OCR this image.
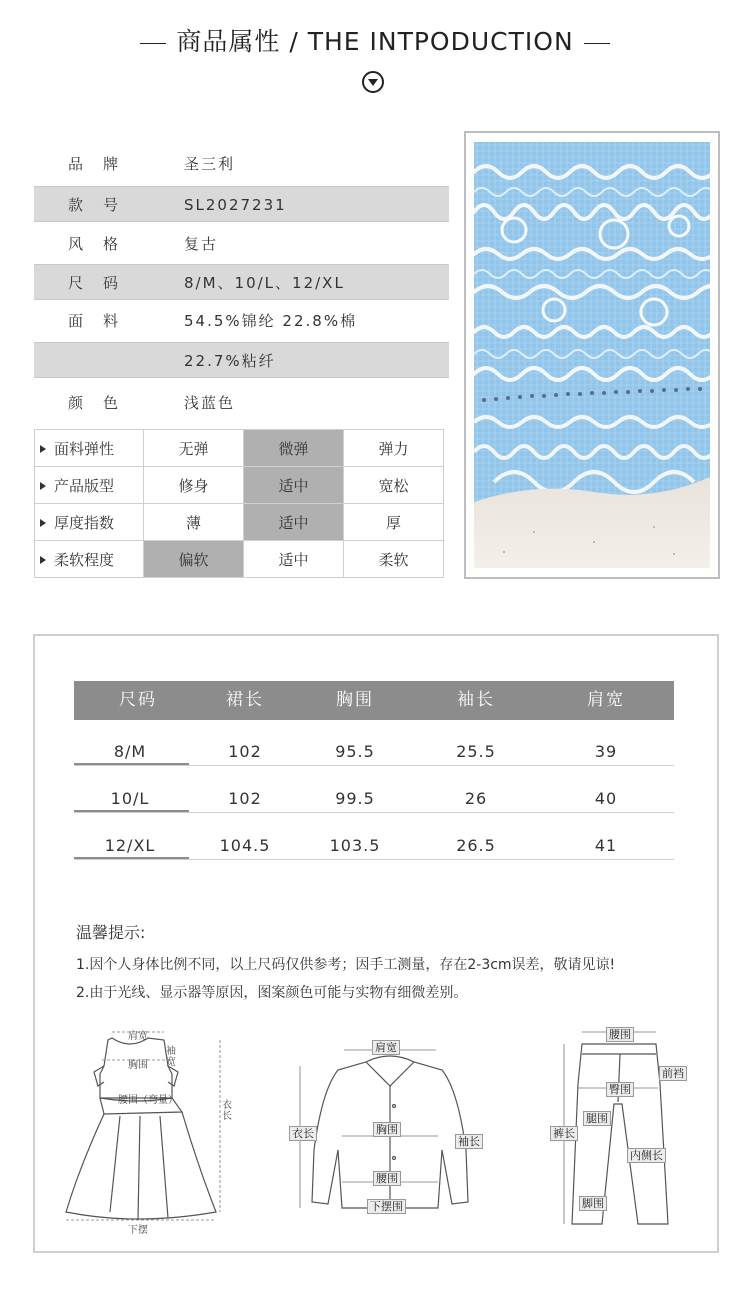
商品属性 / THE INTPODUCTION
品牌	圣三利
款号	SL2027231
风格	复古
尺码	8/M、10/L、12/XL
面料	54.5%锦纶 22.8%棉
22.7%粘纤
颜色	浅蓝色
面料弹性	无弹	微弹	弹力
产品版型	修身	适中	宽松
厚度指数	薄	适中	厚
柔软程度	偏软	适中	柔软
尺码	裙长	胸围	袖长	肩宽
8/M	102	95.5	25.5	39
10/L	102	99.5	26	40
12/XL	104.5	103.5	26.5	41
温馨提示:
1.因个人身体比例不同，以上尺码仅供参考；因手工测量，存在2-3cm误差，敬请见谅!
2.由于光线、显示器等原因，图案颜色可能与实物有细微差别。
肩宽
胸围
袖宽
腰围（弯量）	衣长
下摆
肩宽
衣长	胸围
袖长
腰围
下摆围
腰围
前裆
臀围
腿围
裤长
内侧长
脚围
